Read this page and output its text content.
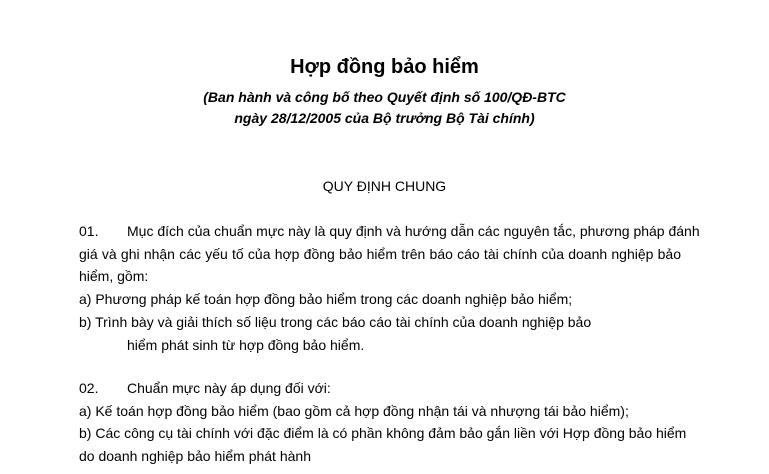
Hợp đồng bảo hiểm
(Ban hành và công bố theo Quyết định số 100/QĐ-BTC
ngày 28/12/2005 của Bộ trưởng Bộ Tài chính)
QUY ĐỊNH CHUNG
01. Mục đích của chuẩn mực này là quy định và hướng dẫn các nguyên tắc, phương pháp đánh
giá và ghi nhận các yếu tố của hợp đồng bảo hiểm trên báo cáo tài chính của doanh nghiệp bảo
hiểm, gồm:
a) Phương pháp kế toán hợp đồng bảo hiểm trong các doanh nghiệp bảo hiểm;
b) Trình bày và giải thích số liệu trong các báo cáo tài chính của doanh nghiệp bảo
hiểm phát sinh từ hợp đồng bảo hiểm.
02. Chuẩn mực này áp dụng đối với:
a) Kế toán hợp đồng bảo hiểm (bao gồm cả hợp đồng nhận tái và nhượng tái bảo hiểm);
b) Các công cụ tài chính với đặc điểm là có phần không đảm bảo gắn liền với Hợp đồng bảo hiểm
do doanh nghiệp bảo hiểm phát hành
